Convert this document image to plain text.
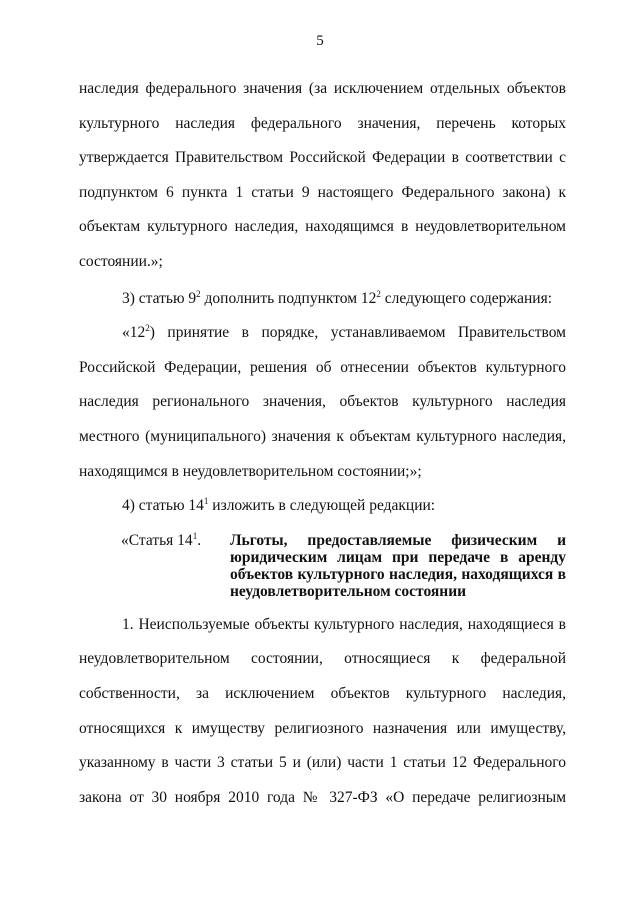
5

наследия федерального значения (за исключением отдельных объектов культурного наследия федерального значения, перечень которых утверждается Правительством Российской Федерации в соответствии с подпунктом 6 пункта 1 статьи 9 настоящего Федерального закона) к объектам культурного наследия, находящимся в неудовлетворительном состоянии.»;

3) статью $9^2$ дополнить подпунктом $12^2$ следующего содержания:

«$12^2$) принятие в порядке, устанавливаемом Правительством Российской Федерации, решения об отнесении объектов культурного наследия регионального значения, объектов культурного наследия местного (муниципального) значения к объектам культурного наследия, находящимся в неудовлетворительном состоянии;»;

4) статью $14^1$ изложить в следующей редакции:

«Статья $14^1$.	Льготы, предоставляемые физическим и
юридическим лицам при передаче в аренду объектов культурного наследия, находящихся в неудовлетворительном состоянии

1. Неиспользуемые объекты культурного наследия, находящиеся в неудовлетворительном состоянии, относящиеся к федеральной собственности, за исключением объектов культурного наследия, относящихся к имуществу религиозного назначения или имуществу, указанному в части 3 статьи 5 и (или) части 1 статьи 12 Федерального закона от 30 ноября 2010 года № 327-ФЗ «О передаче религиозным
